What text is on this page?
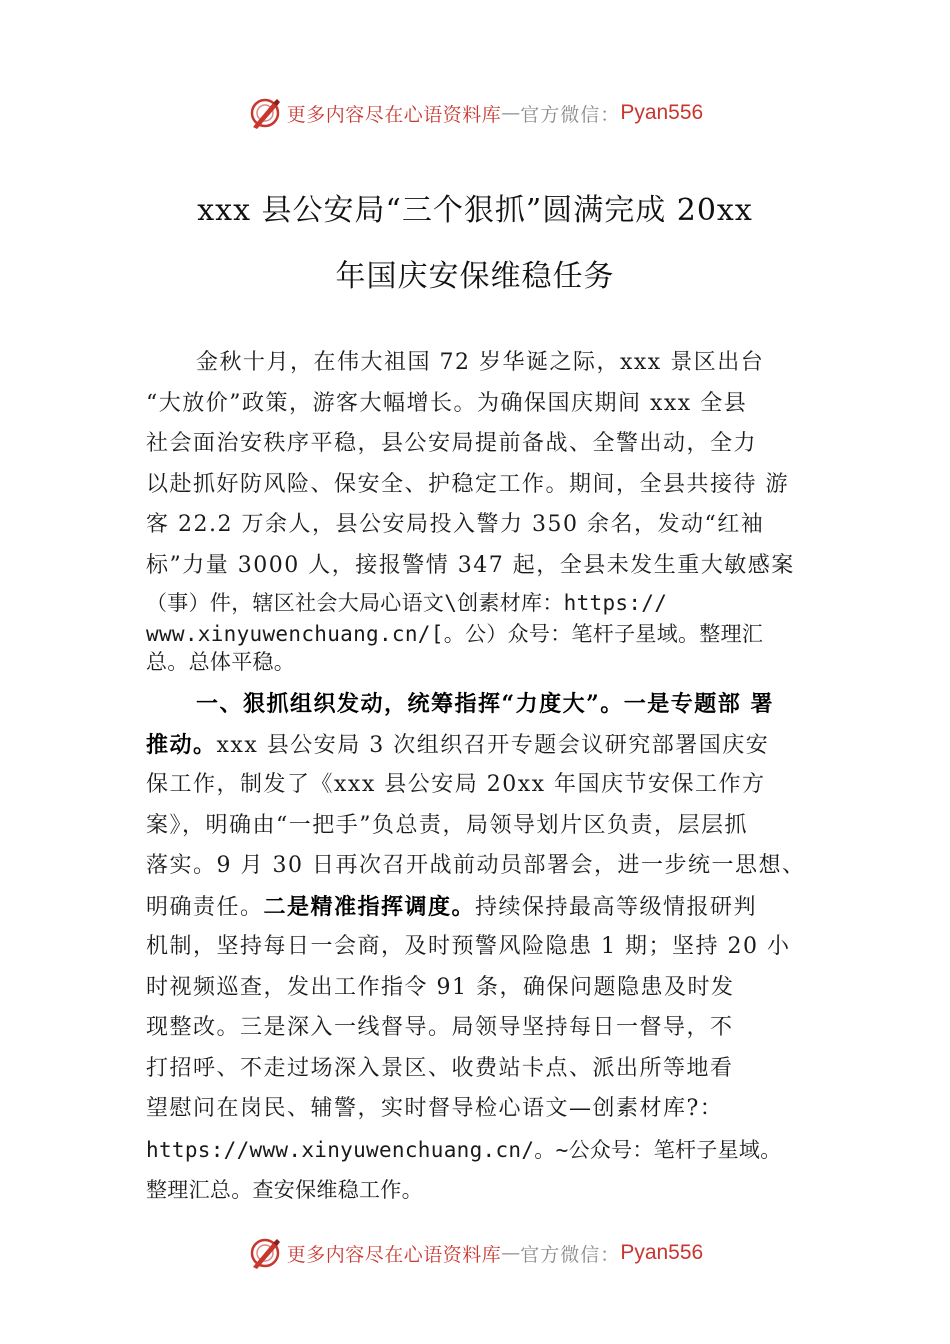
更多内容尽在心语资料库 — 官方微信： Pyan556
xxx 县公安局“三个狠抓”圆满完成 20xx
年国庆安保维稳任务
金秋十月，在伟大祖国 72 岁华诞之际，xxx 景区出台
“大放价”政策，游客大幅增长。为确保国庆期间 xxx 全县
社会面治安秩序平稳，县公安局提前备战、全警出动，全力
以赴抓好防风险、保安全、护稳定工作。期间，全县共接待 游
客 22.2 万余人，县公安局投入警力 350 余名，发动“红袖
标”力量 3000 人，接报警情 347 起，全县未发生重大敏感案
（事）件，辖区社会大局心语文\创素材库：https://
www.xinyuwenchuang.cn/[。公）众号：笔杆子星域。整理汇
总。总体平稳。
一、狠抓组织发动，统筹指挥“力度大”。一是专题部 署
推动。xxx 县公安局 3 次组织召开专题会议研究部署国庆安
保工作，制发了《xxx 县公安局 20xx 年国庆节安保工作方
案》，明确由“一把手”负总责，局领导划片区负责，层层抓
落实。9 月 30 日再次召开战前动员部署会，进一步统一思想、
明确责任。二是精准指挥调度。持续保持最高等级情报研判
机制，坚持每日一会商，及时预警风险隐患 1 期；坚持 20 小
时视频巡查，发出工作指令 91 条，确保问题隐患及时发
现整改。三是深入一线督导。局领导坚持每日一督导，不
打招呼、不走过场深入景区、收费站卡点、派出所等地看
望慰问在岗民、辅警，实时督导检心语文—创素材库?：
https://www.xinyuwenchuang.cn/。~公众号：笔杆子星域。
整理汇总。查安保维稳工作。
更多内容尽在心语资料库 — 官方微信： Pyan556
